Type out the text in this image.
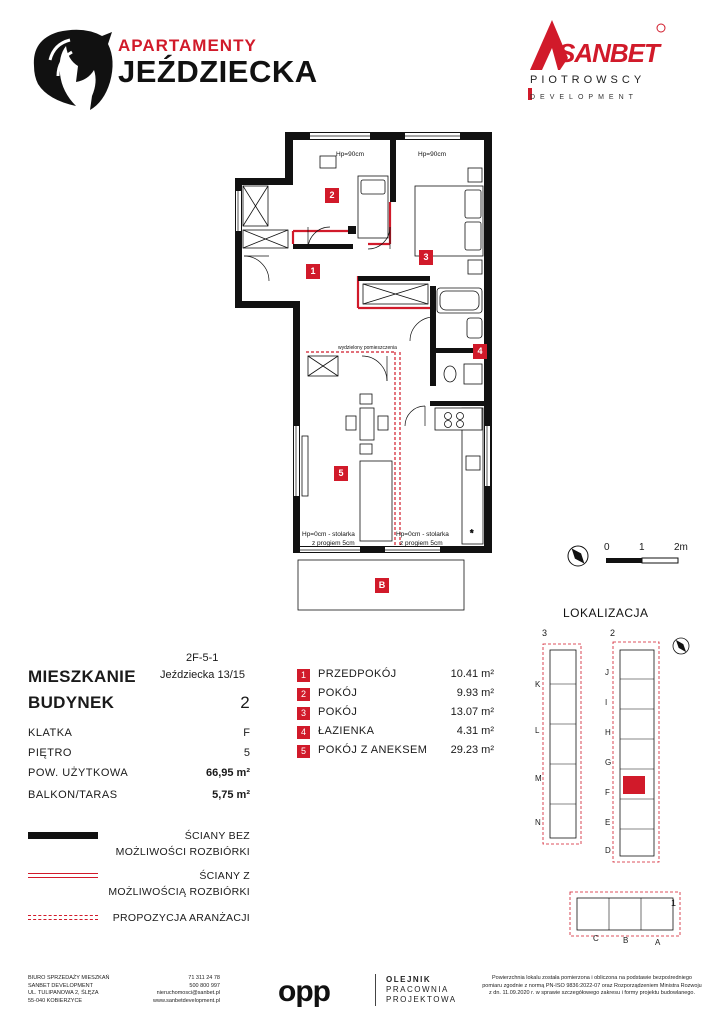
APARTAMENTY
JEŹDZIECKA
SANBET
PIOTROWSCY
DEVELOPMENT
*
2
3
1
4
5
B
Hp=90cm	Hp=90cm
wydzielony pomieszczenia
Hp=0cm - stolarka
z progiem 5cm
Hp=0cm - stolarka
z progiem 5cm	0	1	2m
LOKALIZACJA
3	2
1
K
L
M
N
J
I
H
G
F
E
D
C	B	A
2F-5-1
Jeździecka 13/15
MIESZKANIE
BUDYNEK	2
KLATKA	F
PIĘTRO	5
POW. UŻYTKOWA	66,95 m²
BALKON/TARAS	5,75 m²
1	PRZEDPOKÓJ	10.41 m²
2	POKÓJ	9.93 m²
3	POKÓJ	13.07 m²
4	ŁAZIENKA	4.31 m²
5	POKÓJ Z ANEKSEM 29.23 m²
ŚCIANY BEZ
MOŻLIWOŚCI ROZBIÓRKI
ŚCIANY Z
MOŻLIWOŚCIĄ ROZBIÓRKI
PROPOZYCJA ARANŻACJI
BIURO SPRZEDAŻY MIESZKAŃ
SANBET DEVELOPMENT
UL. TULIPANOWA 2, ŚLĘZA
55-040 KOBIERZYCE
71 311 24 78
500 800 997
nieruchomosci@sanbet.pl
www.sanbetdevelopment.pl opp	OLEJNIK
PRACOWNIA
PROJEKTOWA
Powierzchnia lokalu została pomierzona i obliczona na podstawie bezpośredniego
pomiaru zgodnie z normą PN-ISO 9836:2022-07 oraz Rozporządzeniem Ministra Rozwoju
z dn. 11.09.2020 r. w sprawie szczegółowego zakresu i formy projektu budowlanego.
